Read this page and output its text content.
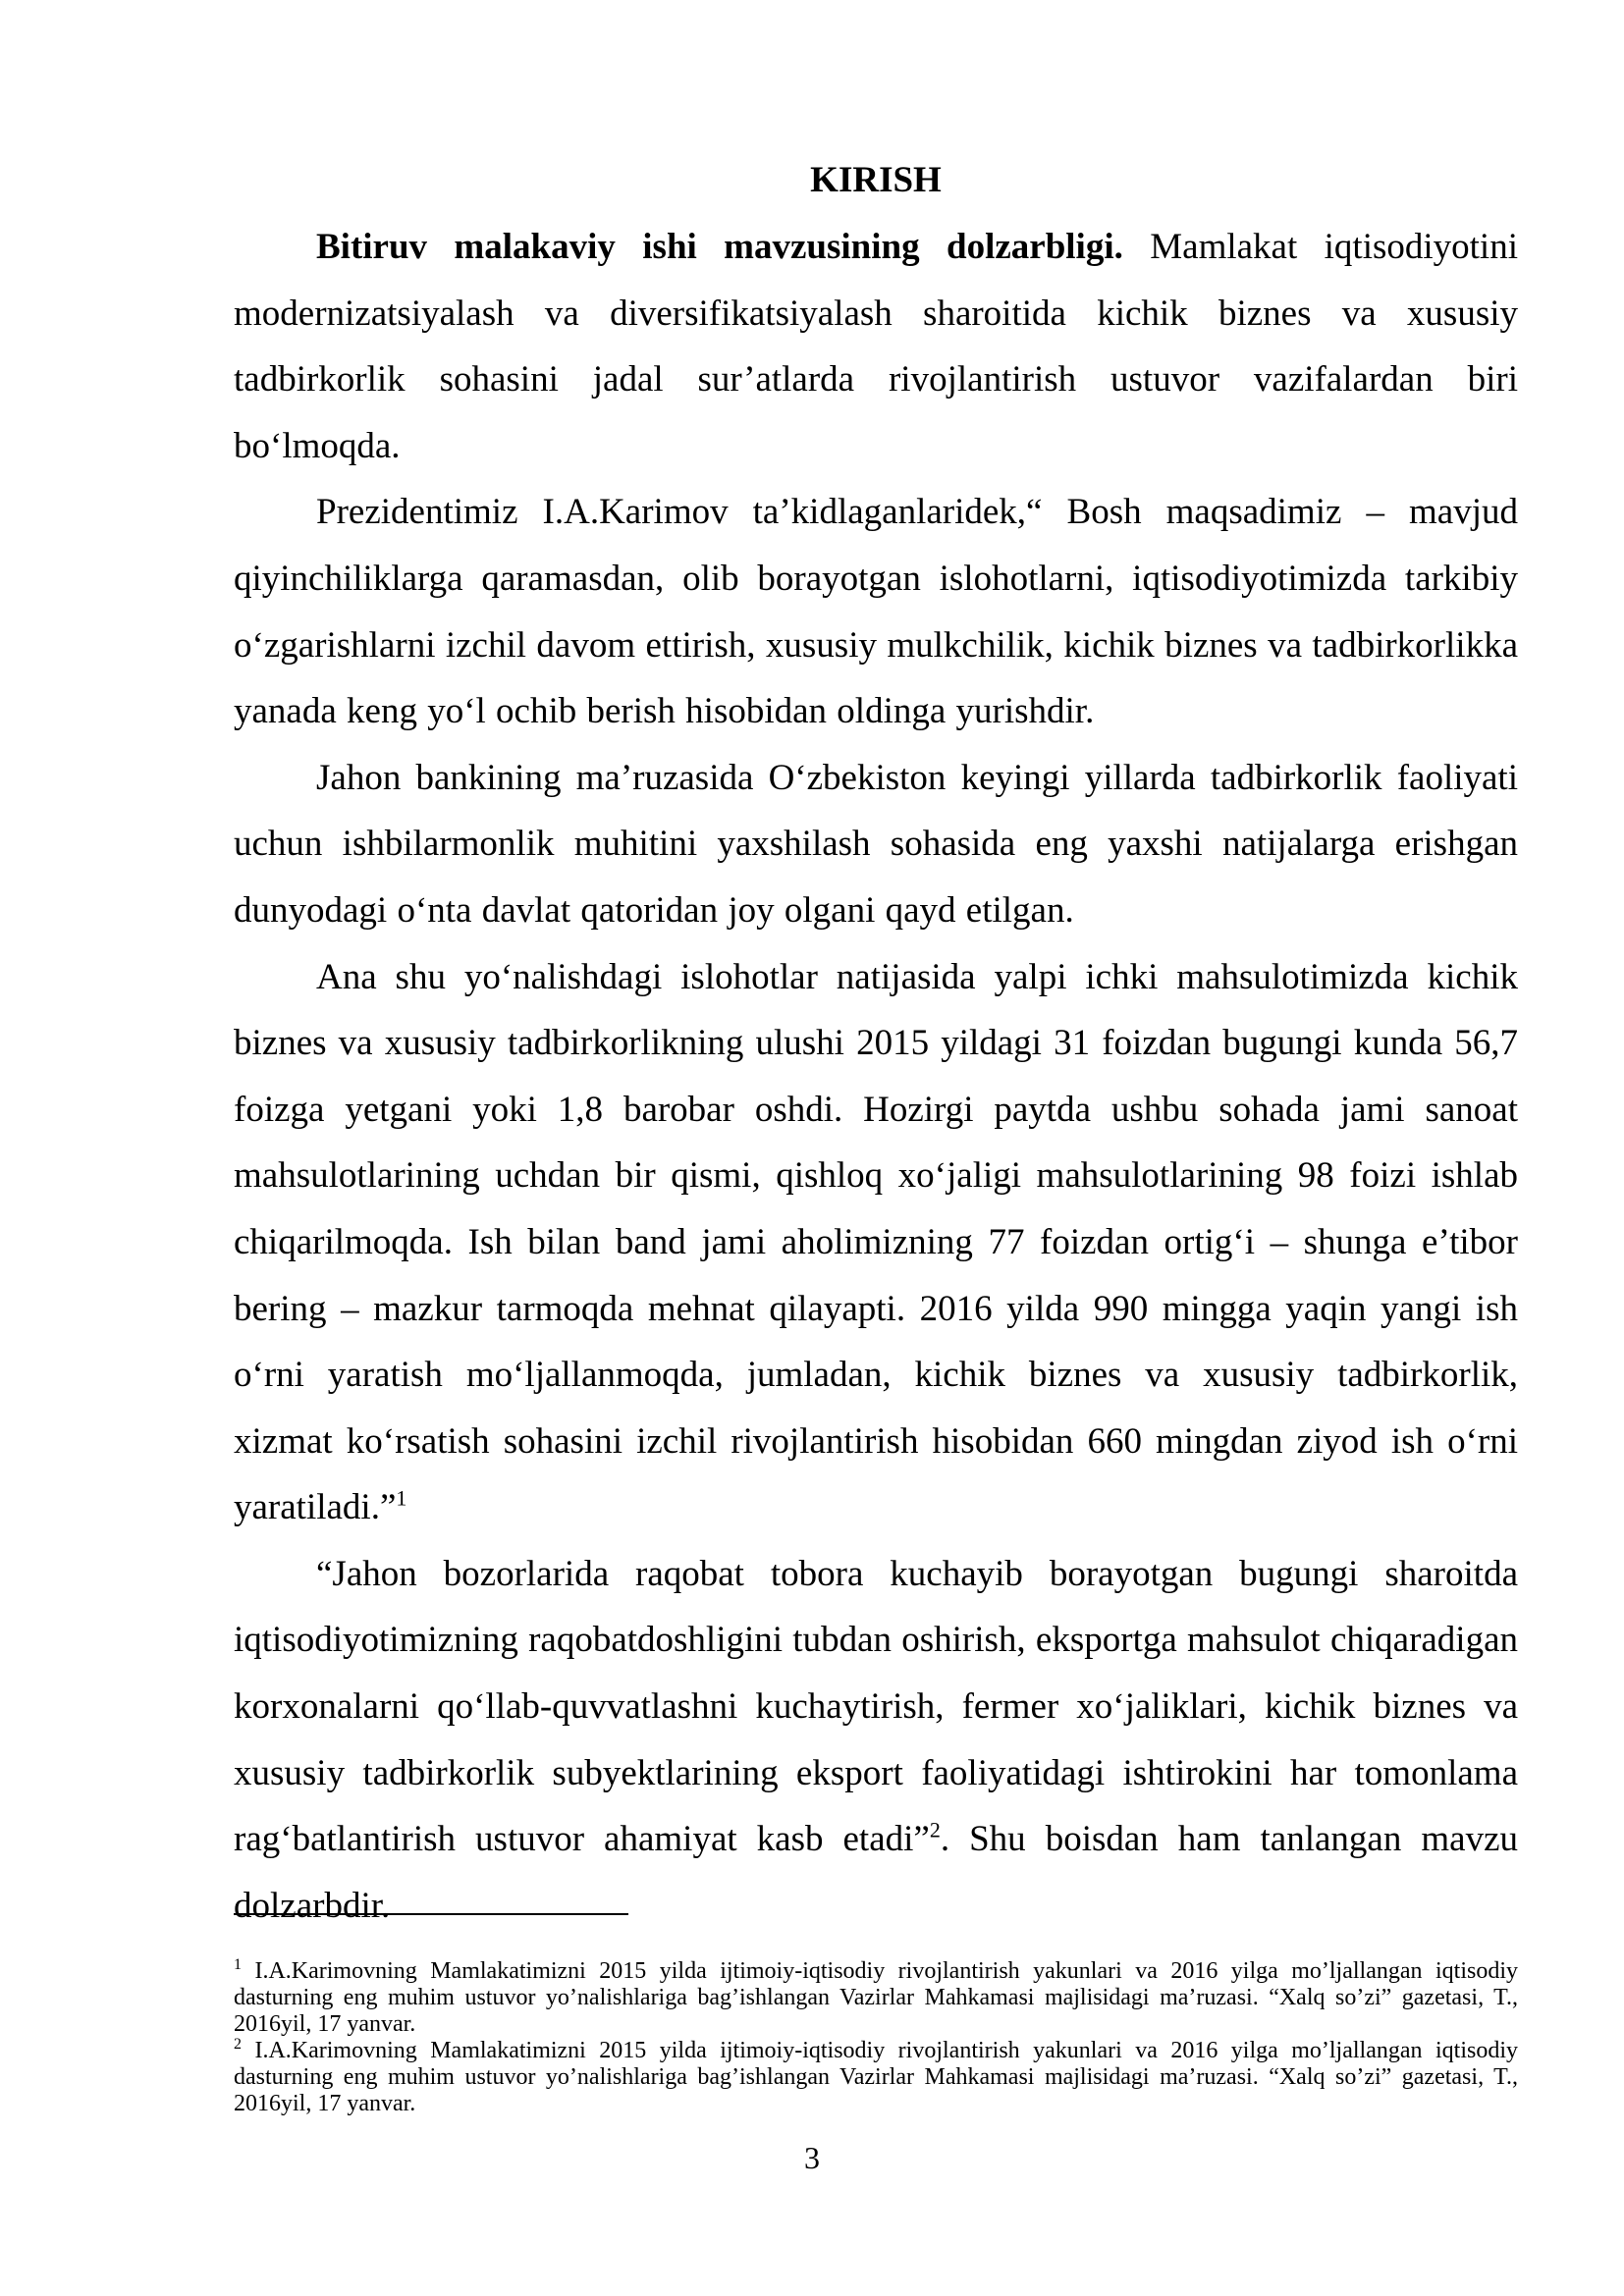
KIRISH

Bitiruv malakaviy ishi mavzusining dolzarbligi. Mamlakat iqtisodiyotini modernizatsiyalash va diversifikatsiyalash sharoitida kichik biznes va xususiy tadbirkorlik sohasini jadal sur’atlarda rivojlantirish ustuvor vazifalardan biri bo‘lmoqda.

Prezidentimiz I.A.Karimov ta’kidlaganlaridek,“ Bosh maqsadimiz – mavjud qiyinchiliklarga qaramasdan, olib borayotgan islohotlarni, iqtisodiyotimizda tarkibiy o‘zgarishlarni izchil davom ettirish, xususiy mulkchilik, kichik biznes va tadbirkorlikka yanada keng yo‘l ochib berish hisobidan oldinga yurishdir.

Jahon bankining ma’ruzasida O‘zbekiston keyingi yillarda tadbirkorlik faoliyati uchun ishbilarmonlik muhitini yaxshilash sohasida eng yaxshi natijalarga erishgan dunyodagi o‘nta davlat qatoridan joy olgani qayd etilgan.

Ana shu yo‘nalishdagi islohotlar natijasida yalpi ichki mahsulotimizda kichik biznes va xususiy tadbirkorlikning ulushi 2015 yildagi 31 foizdan bugungi kunda 56,7 foizga yetgani yoki 1,8 barobar oshdi. Hozirgi paytda ushbu sohada jami sanoat mahsulotlarining uchdan bir qismi, qishloq xo‘jaligi mahsulotlarining 98 foizi ishlab chiqarilmoqda. Ish bilan band jami aholimizning 77 foizdan ortig‘i – shunga e’tibor bering – mazkur tarmoqda mehnat qilayapti. 2016 yilda 990 mingga yaqin yangi ish o‘rni yaratish mo‘ljallanmoqda, jumladan, kichik biznes va xususiy tadbirkorlik, xizmat ko‘rsatish sohasini izchil rivojlantirish hisobidan 660 mingdan ziyod ish o‘rni yaratiladi.”$^1$

“Jahon bozorlarida raqobat tobora kuchayib borayotgan bugungi sharoitda iqtisodiyotimizning raqobatdoshligini tubdan oshirish, eksportga mahsulot chiqaradigan korxonalarni qo‘llab-quvvatlashni kuchaytirish, fermer xo‘jaliklari, kichik biznes va xususiy tadbirkorlik subyektlarining eksport faoliyatidagi ishtirokini har tomonlama rag‘batlantirish ustuvor ahamiyat kasb etadi”$^2$. Shu boisdan ham tanlangan mavzu dolzarbdir.

$^1$ I.A.Karimovning Mamlakatimizni 2015 yilda ijtimoiy-iqtisodiy rivojlantirish yakunlari va 2016 yilga mo’ljallangan iqtisodiy dasturning eng muhim ustuvor yo’nalishlariga bag’ishlangan Vazirlar Mahkamasi majlisidagi ma’ruzasi. “Xalq so’zi” gazetasi, T., 2016yil, 17 yanvar.

$^2$ I.A.Karimovning Mamlakatimizni 2015 yilda ijtimoiy-iqtisodiy rivojlantirish yakunlari va 2016 yilga mo’ljallangan iqtisodiy dasturning eng muhim ustuvor yo’nalishlariga bag’ishlangan Vazirlar Mahkamasi majlisidagi ma’ruzasi. “Xalq so’zi” gazetasi, T., 2016yil, 17 yanvar.

3
